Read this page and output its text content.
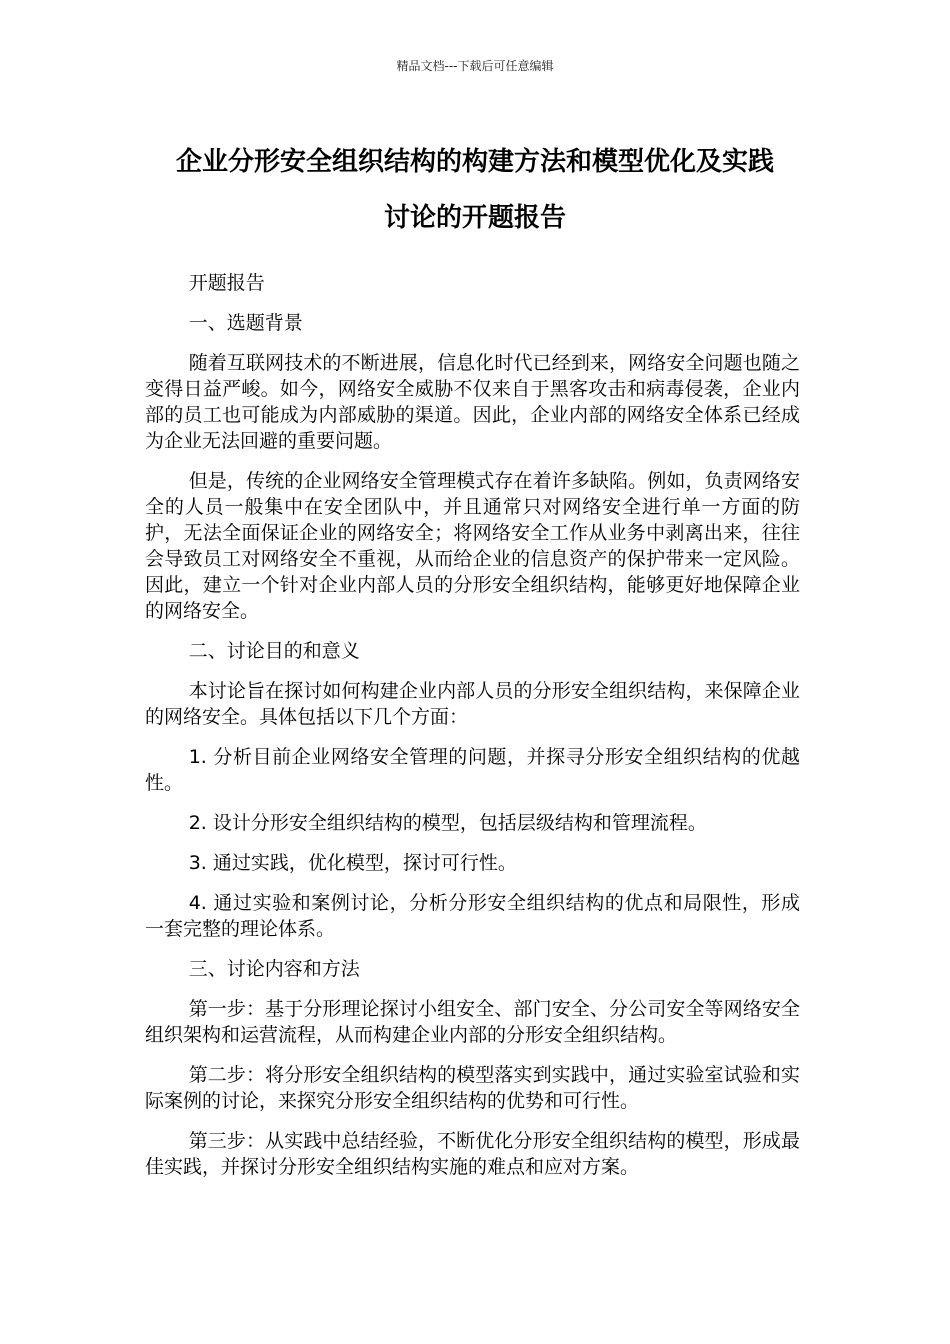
精品文档---下载后可任意编辑
企业分形安全组织结构的构建方法和模型优化及实践
讨论的开题报告

开题报告

一、选题背景

随着互联网技术的不断进展，信息化时代已经到来，网络安全问题也随之变得日益严峻。如今，网络安全威胁不仅来自于黑客攻击和病毒侵袭，企业内部的员工也可能成为内部威胁的渠道。因此，企业内部的网络安全体系已经成为企业无法回避的重要问题。

但是，传统的企业网络安全管理模式存在着许多缺陷。例如，负责网络安全的人员一般集中在安全团队中，并且通常只对网络安全进行单一方面的防护，无法全面保证企业的网络安全；将网络安全工作从业务中剥离出来，往往会导致员工对网络安全不重视，从而给企业的信息资产的保护带来一定风险。因此，建立一个针对企业内部人员的分形安全组织结构，能够更好地保障企业的网络安全。

二、讨论目的和意义

本讨论旨在探讨如何构建企业内部人员的分形安全组织结构，来保障企业的网络安全。具体包括以下几个方面：

1. 分析目前企业网络安全管理的问题，并探寻分形安全组织结构的优越性。

2. 设计分形安全组织结构的模型，包括层级结构和管理流程。

3. 通过实践，优化模型，探讨可行性。

4. 通过实验和案例讨论，分析分形安全组织结构的优点和局限性，形成一套完整的理论体系。

三、讨论内容和方法

第一步：基于分形理论探讨小组安全、部门安全、分公司安全等网络安全组织架构和运营流程，从而构建企业内部的分形安全组织结构。

第二步：将分形安全组织结构的模型落实到实践中，通过实验室试验和实际案例的讨论，来探究分形安全组织结构的优势和可行性。

第三步：从实践中总结经验，不断优化分形安全组织结构的模型，形成最佳实践，并探讨分形安全组织结构实施的难点和应对方案。
